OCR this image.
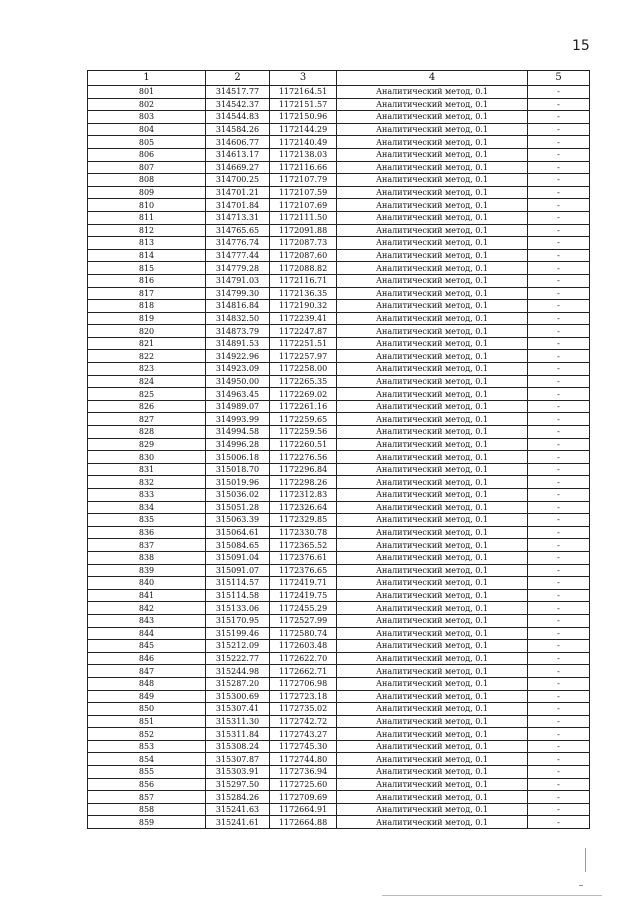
15
1	2	3	4	5
801	314517.77	1172164.51	Аналитический метод, 0.1	-
802	314542.37	1172151.57	Аналитический метод, 0.1	-
803	314544.83	1172150.96	Аналитический метод, 0.1	-
804	314584.26	1172144.29	Аналитический метод, 0.1	-
805	314606.77	1172140.49	Аналитический метод, 0.1	-
806	314613.17	1172138.03	Аналитический метод, 0.1	-
807	314669.27	1172116.66	Аналитический метод, 0.1	-
808	314700.25	1172107.79	Аналитический метод, 0.1	-
809	314701.21	1172107.59	Аналитический метод, 0.1	-
810	314701.84	1172107.69	Аналитический метод, 0.1	-
811	314713.31	1172111.50	Аналитический метод, 0.1	-
812	314765.65	1172091.88	Аналитический метод, 0.1	-
813	314776.74	1172087.73	Аналитический метод, 0.1	-
814	314777.44	1172087.60	Аналитический метод, 0.1	-
815	314779.28	1172088.82	Аналитический метод, 0.1	-
816	314791.03	1172116.71	Аналитический метод, 0.1	-
817	314799.30	1172136.35	Аналитический метод, 0.1	-
818	314816.84	1172190.32	Аналитический метод, 0.1	-
819	314832.50	1172239.41	Аналитический метод, 0.1	-
820	314873.79	1172247.87	Аналитический метод, 0.1	-
821	314891.53	1172251.51	Аналитический метод, 0.1	-
822	314922.96	1172257.97	Аналитический метод, 0.1	-
823	314923.09	1172258.00	Аналитический метод, 0.1	-
824	314950.00	1172265.35	Аналитический метод, 0.1	-
825	314963.45	1172269.02	Аналитический метод, 0.1	-
826	314989.07	1172261.16	Аналитический метод, 0.1	-
827	314993.99	1172259.65	Аналитический метод, 0.1	-
828	314994.58	1172259.56	Аналитический метод, 0.1	-
829	314996.28	1172260.51	Аналитический метод, 0.1	-
830	315006.18	1172276.56	Аналитический метод, 0.1	-
831	315018.70	1172296.84	Аналитический метод, 0.1	-
832	315019.96	1172298.26	Аналитический метод, 0.1	-
833	315036.02	1172312.83	Аналитический метод, 0.1	-
834	315051.28	1172326.64	Аналитический метод, 0.1	-
835	315063.39	1172329.85	Аналитический метод, 0.1	-
836	315064.61	1172330.78	Аналитический метод, 0.1	-
837	315084.65	1172365.52	Аналитический метод, 0.1	-
838	315091.04	1172376.61	Аналитический метод, 0.1	-
839	315091.07	1172376.65	Аналитический метод, 0.1	-
840	315114.57	1172419.71	Аналитический метод, 0.1	-
841	315114.58	1172419.75	Аналитический метод, 0.1	-
842	315133.06	1172455.29	Аналитический метод, 0.1	-
843	315170.95	1172527.99	Аналитический метод, 0.1	-
844	315199.46	1172580.74	Аналитический метод, 0.1	-
845	315212.09	1172603.48	Аналитический метод, 0.1	-
846	315222.77	1172622.70	Аналитический метод, 0.1	-
847	315244.98	1172662.71	Аналитический метод, 0.1	-
848	315287.20	1172706.98	Аналитический метод, 0.1	-
849	315300.69	1172723.18	Аналитический метод, 0.1	-
850	315307.41	1172735.02	Аналитический метод, 0.1	-
851	315311.30	1172742.72	Аналитический метод, 0.1	-
852	315311.84	1172743.27	Аналитический метод, 0.1	-
853	315308.24	1172745.30	Аналитический метод, 0.1	-
854	315307.87	1172744.80	Аналитический метод, 0.1	-
855	315303.91	1172736.94	Аналитический метод, 0.1	-
856	315297.50	1172725.60	Аналитический метод, 0.1	-
857	315284.26	1172709.69	Аналитический метод, 0.1	-
858	315241.63	1172664.91	Аналитический метод, 0.1	-
859	315241.61	1172664.88	Аналитический метод, 0.1	-
